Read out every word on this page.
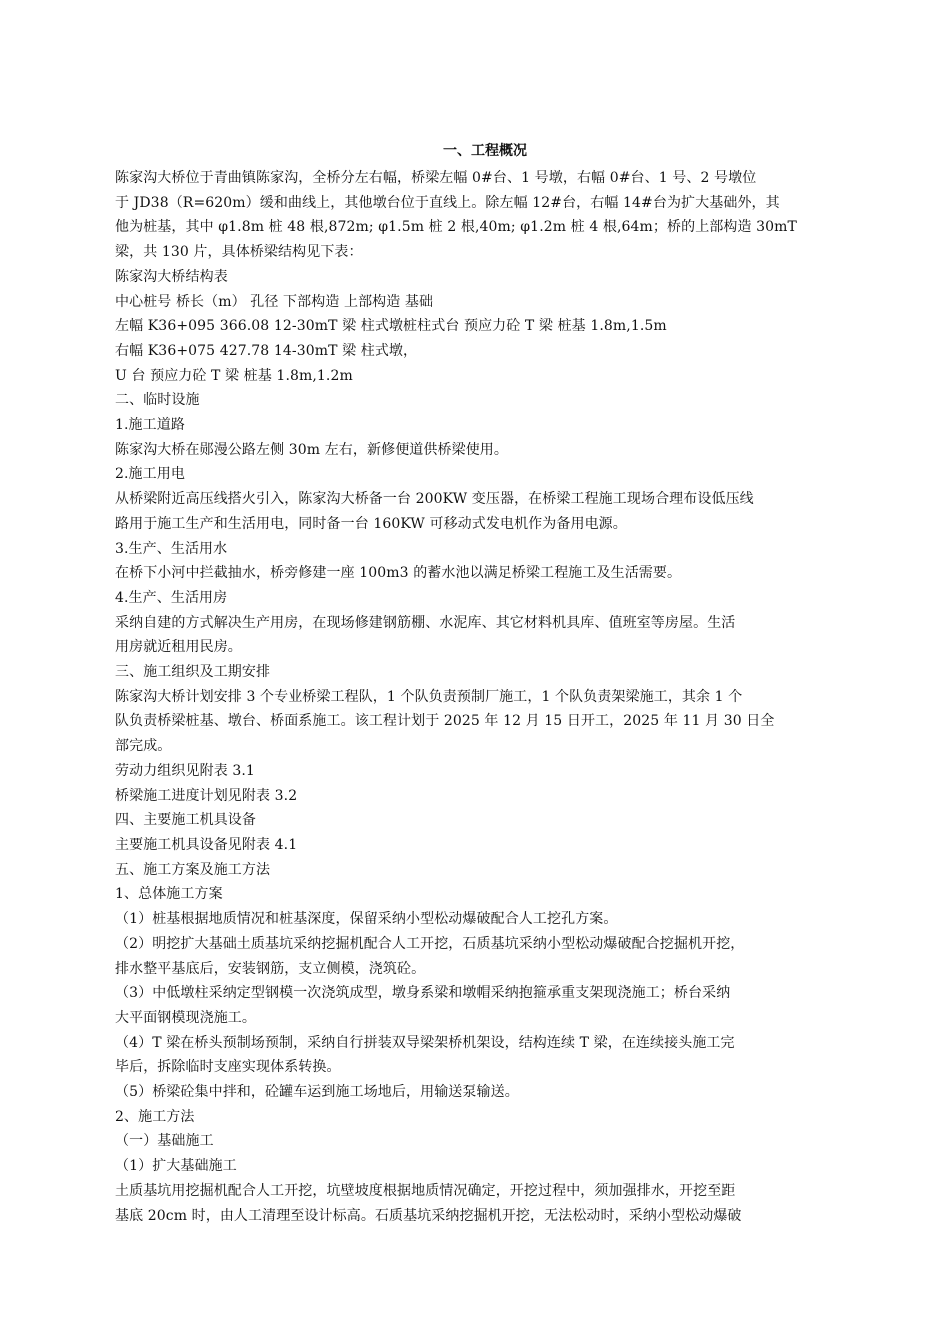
一、工程概况

陈家沟大桥位于青曲镇陈家沟，全桥分左右幅，桥梁左幅 0#台、1 号墩，右幅 0#台、1 号、2 号墩位

于 JD38（R=620m）缓和曲线上，其他墩台位于直线上。除左幅 12#台，右幅 14#台为扩大基础外，其

他为桩基，其中 φ1.8m 桩 48 根,872m; φ1.5m 桩 2 根,40m; φ1.2m 桩 4 根,64m；桥的上部构造 30mT

梁，共 130 片，具体桥梁结构见下表：

陈家沟大桥结构表

中心桩号 桥长（m） 孔径 下部构造 上部构造 基础

左幅 K36+095 366.08 12-30mT 梁 柱式墩桩柱式台 预应力砼 T 梁 桩基 1.8m,1.5m

右幅 K36+075 427.78 14-30mT 梁 柱式墩，

U 台 预应力砼 T 梁 桩基 1.8m,1.2m

二、临时设施

1.施工道路

陈家沟大桥在郧漫公路左侧 30m 左右，新修便道供桥梁使用。

2.施工用电

从桥梁附近高压线搭火引入，陈家沟大桥备一台 200KW 变压器，在桥梁工程施工现场合理布设低压线

路用于施工生产和生活用电，同时备一台 160KW 可移动式发电机作为备用电源。

3.生产、生活用水

在桥下小河中拦截抽水，桥旁修建一座 100m3 的蓄水池以满足桥梁工程施工及生活需要。

4.生产、生活用房

采纳自建的方式解决生产用房，在现场修建钢筋棚、水泥库、其它材料机具库、值班室等房屋。生活

用房就近租用民房。

三、施工组织及工期安排

陈家沟大桥计划安排 3 个专业桥梁工程队，1 个队负责预制厂施工，1 个队负责架梁施工，其余 1 个

队负责桥梁桩基、墩台、桥面系施工。该工程计划于 2025 年 12 月 15 日开工，2025 年 11 月 30 日全

部完成。

劳动力组织见附表 3.1

桥梁施工进度计划见附表 3.2

四、主要施工机具设备

主要施工机具设备见附表 4.1

五、施工方案及施工方法

1、总体施工方案

（1）桩基根据地质情况和桩基深度，保留采纳小型松动爆破配合人工挖孔方案。

（2）明挖扩大基础土质基坑采纳挖掘机配合人工开挖，石质基坑采纳小型松动爆破配合挖掘机开挖，

排水整平基底后，安装钢筋，支立侧模，浇筑砼。

（3）中低墩柱采纳定型钢模一次浇筑成型，墩身系梁和墩帽采纳抱箍承重支架现浇施工；桥台采纳

大平面钢模现浇施工。

（4）T 梁在桥头预制场预制，采纳自行拼装双导梁架桥机架设，结构连续 T 梁，在连续接头施工完

毕后，拆除临时支座实现体系转换。

（5）桥梁砼集中拌和，砼罐车运到施工场地后，用输送泵输送。

2、施工方法

（一）基础施工

（1）扩大基础施工

土质基坑用挖掘机配合人工开挖，坑壁坡度根据地质情况确定，开挖过程中，须加强排水，开挖至距

基底 20cm 时，由人工清理至设计标高。石质基坑采纳挖掘机开挖，无法松动时，采纳小型松动爆破
